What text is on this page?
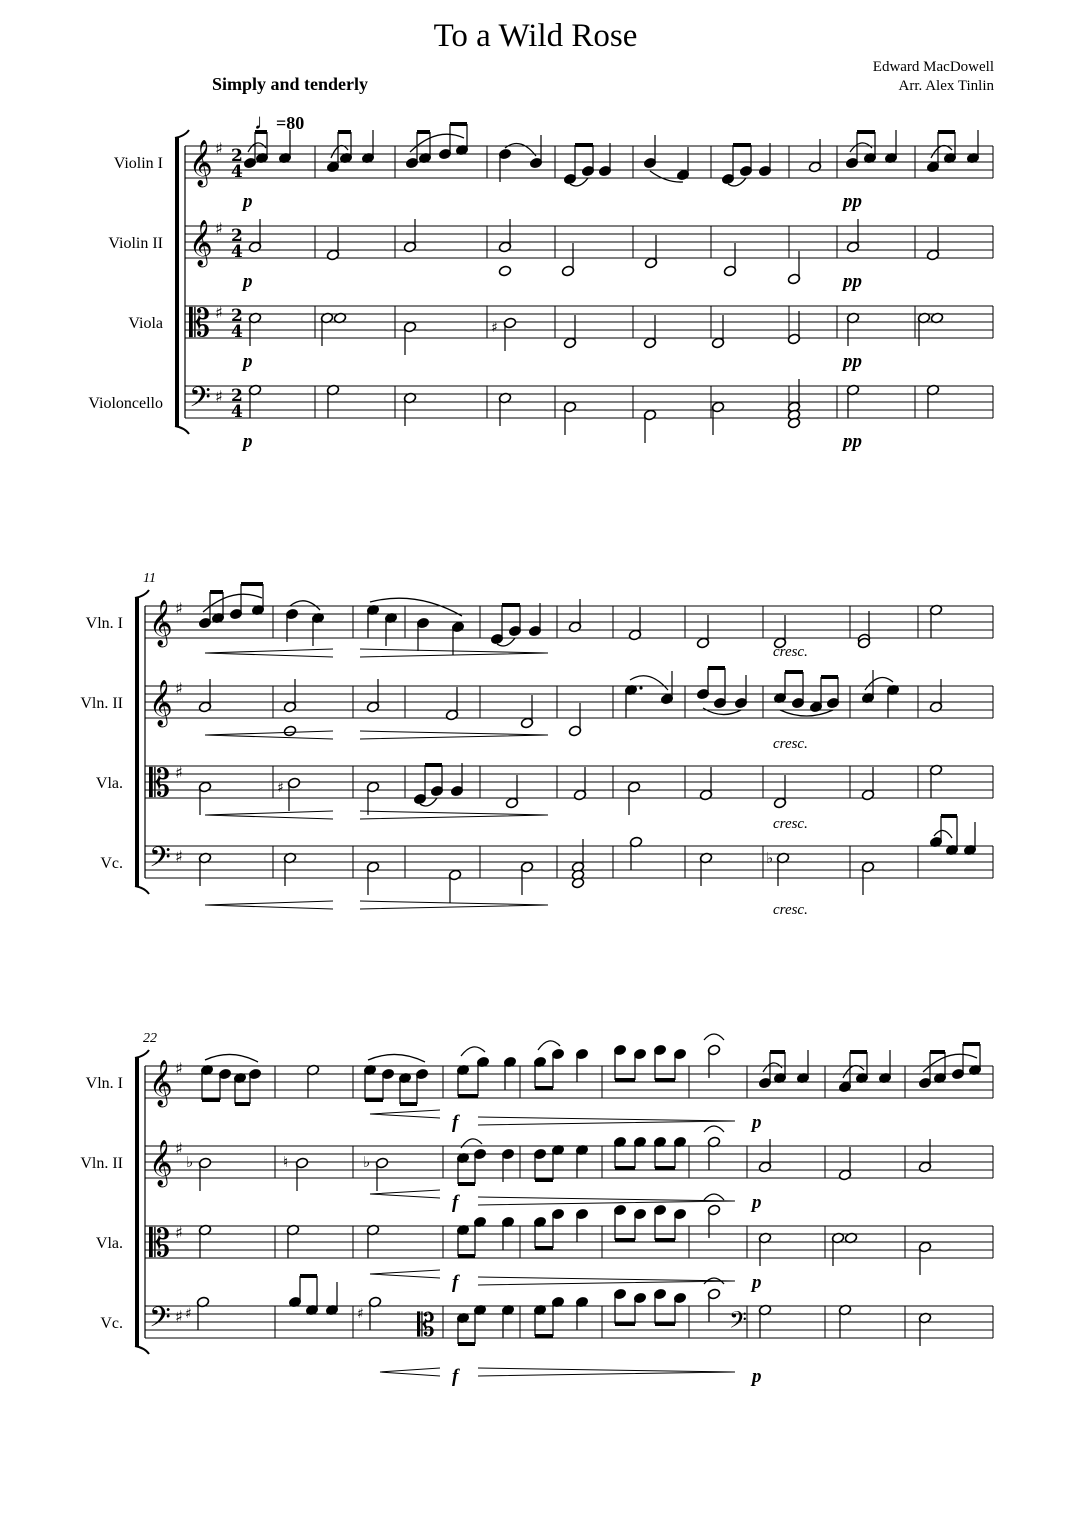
To a Wild Rose
Edward MacDowell
Arr. Alex Tinlin
Simply and tenderly
♩=80
Violin I 𝄞 ♯ 2
4
Violin II 𝄞 ♯ 2
4
Viola 𝄡 ♯ 2
4
Violoncello 𝄢 ♯ 2
4
Vln. I 𝄞 ♯
Vln. II 𝄞 ♯
Vla. 𝄡 ♯
Vc. 𝄢 ♯
11
Vln. I 𝄞 ♯
Vln. II 𝄞 ♯
Vla. 𝄡 ♯
Vc. 𝄢 ♯
22
p	pp
p	pp
♯
p	pp
p	pp
cresc.
cresc.
♯
cresc.
♭
cresc.
f	p
♭	♮	♭
f	p
f	p
♯	♯ 𝄡
f
𝄢
p
